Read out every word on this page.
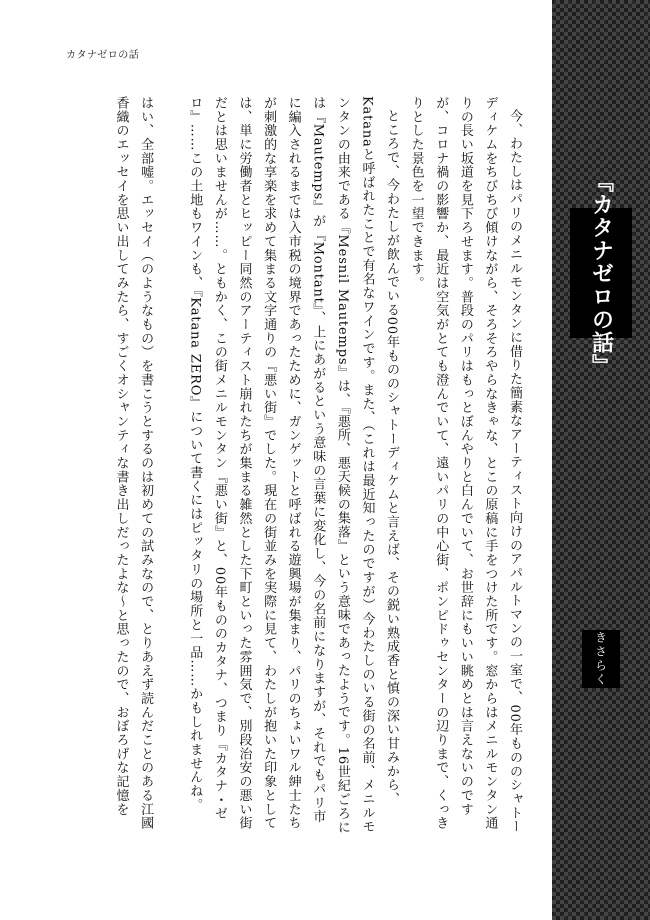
カタナゼロの話

今、わたしはパリのメニルモンタンに借りた簡素なアーティスト向けのアパルトマンの一室で、00年もののシャトーディケムをちびちび傾けながら、そろそろやらなきゃな、とこの原稿に手をつけた所です。窓からはメニルモンタン通りの長い坂道を見下ろせます。普段のパリはもっとぼんやりと白んでいて、お世辞にもいい眺めとは言えないのですが、コロナ禍の影響か、最近は空気がとても澄んでいて、遠いパリの中心街、ポンピドゥセンターの辺りまで、くっきりとした景色を一望できます。

ところで、今わたしが飲んでいる00年もののシャトーディケムと言えば、その鋭い熟成香と慎の深い甘みから、Katanaと呼ばれたことで有名なワインです。また、（これは最近知ったのですが）今わたしのいる街の名前、メニルモンタンの由来である『Mesnil Mautemps』は、『悪所、悪天候の集落』という意味であったようです。16世紀ごろには『Mautemps』が『Montant』、上にあがるという意味の言葉に変化し、今の名前になりますが、それでもパリ市に編入されるまでは入市税の境界であったために、ガンゲットと呼ばれる遊興場が集まり、パリのちょいワル紳士たちが刺激的な享楽を求めて集まる文字通りの『悪い街』でした。現在の街並みを実際に見て、わたしが抱いた印象としては、単に労働者とヒッピー同然のアーティスト崩れたちが集まる雑然とした下町といった雰囲気で、別段治安の悪い街だとは思いませんが……。ともかく、この街メニルモンタン『悪い街』と、00年もののカタナ、つまり『カタナ・ゼロ』……この土地もワインも、『Katana ZERO』について書くにはピッタリの場所と一品……かもしれませんね。

はい、全部嘘。エッセイ（のようなもの）を書こうとするのは初めての試みなので、とりあえず読んだことのある江國香織のエッセイを思い出してみたら、すごくオシャンティな書き出しだったよな〜と思ったので、おぼろげな記憶を	『カタナゼロの話』
きさらく
